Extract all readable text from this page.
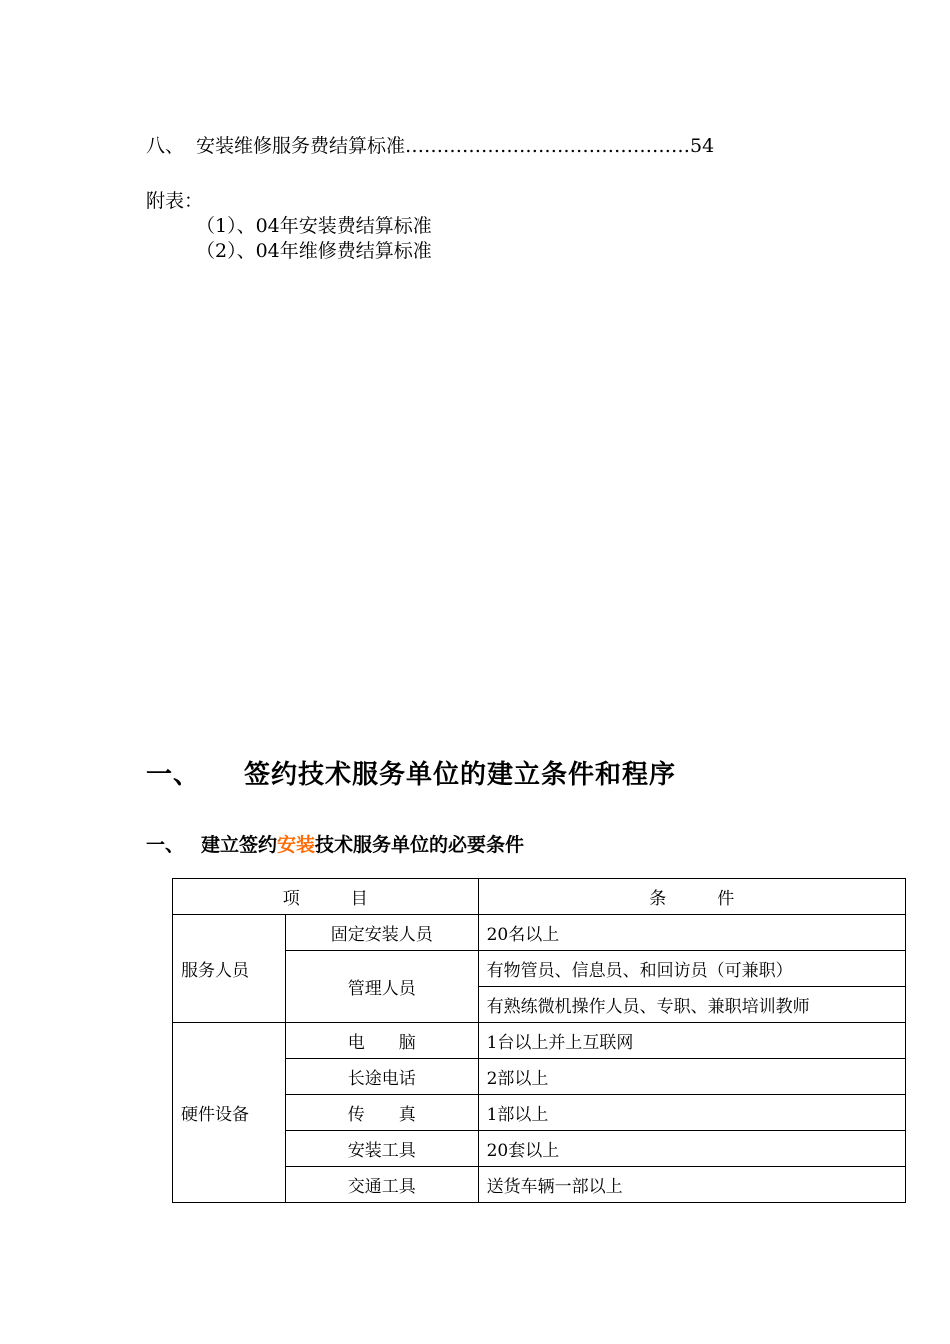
八、 安装维修服务费结算标准………………………………………54
附表：
（1）、04年安装费结算标准
（2）、04年维修费结算标准
一、 签约技术服务单位的建立条件和程序
一、 建立签约安装技术服务单位的必要条件
项　　　目		条　　　件
服务人员	固定安装人员	20名以上
	管理人员	有物管员、信息员、和回访员（可兼职）
		有熟练微机操作人员、专职、兼职培训教师
硬件设备	电　　脑	1台以上并上互联网
	长途电话	2部以上
	传　　真	1部以上
	安装工具	20套以上
	交通工具	送货车辆一部以上
